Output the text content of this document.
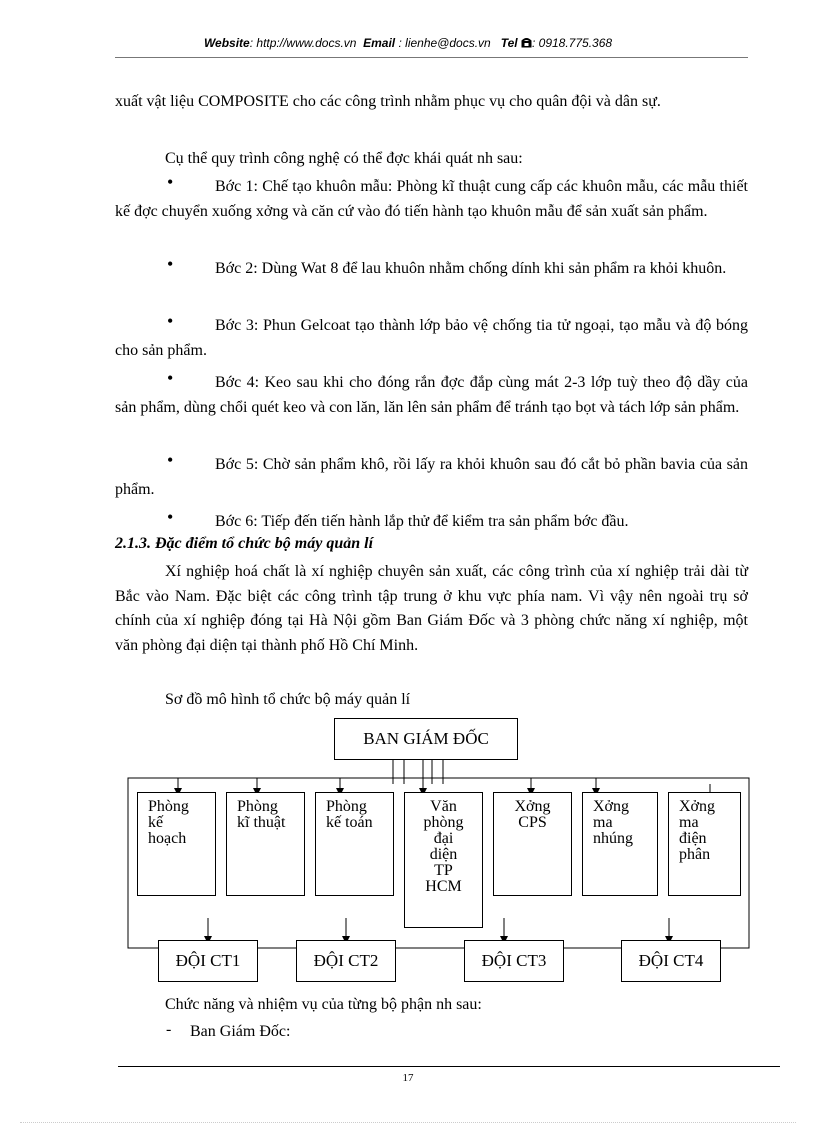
Website: http://www.docs.vn Email : lienhe@docs.vn Tel : 0918.775.368
xuất vật liệu COMPOSITE cho các công trình nhằm phục vụ cho quân đội và dân sự.
Cụ thể quy trình công nghệ có thể đợc khái quát nh sau:
•	Bớc 1: Chế tạo khuôn mẫu: Phòng kĩ thuật cung cấp các khuôn mẫu, các mẫu thiết kế đợc chuyển xuống xởng và căn cứ vào đó tiến hành tạo khuôn mẫu để sản xuất sản phẩm.
•	Bớc 2: Dùng Wat 8 để lau khuôn nhằm chống dính khi sản phẩm ra khỏi khuôn.
•	Bớc 3: Phun Gelcoat tạo thành lớp bảo vệ chống tia tử ngoại, tạo mẫu và độ bóng cho sản phẩm.
•	Bớc 4: Keo sau khi cho đóng rắn đợc đắp cùng mát 2-3 lớp tuỳ theo độ dầy của sản phẩm, dùng chổi quét keo và con lăn, lăn lên sản phẩm để tránh tạo bọt và tách lớp sản phẩm.
•	Bớc 5: Chờ sản phẩm khô, rồi lấy ra khỏi khuôn sau đó cắt bỏ phần bavia của sản phẩm.
•	Bớc 6: Tiếp đến tiến hành lắp thử để kiểm tra sản phẩm bớc đầu.
2.1.3. Đặc điểm tổ chức bộ máy quản lí
Xí nghiệp hoá chất là xí nghiệp chuyên sản xuất, các công trình của xí nghiệp trải dài từ Bắc vào Nam. Đặc biệt các công trình tập trung ở khu vực phía nam. Vì vậy nên ngoài trụ sở chính của xí nghiệp đóng tại Hà Nội gồm Ban Giám Đốc và 3 phòng chức năng xí nghiệp, một văn phòng đại diện tại thành phố Hồ Chí Minh.
Sơ đồ mô hình tổ chức bộ máy quản lí
BAN GIÁM ĐỐC
Phòng
kế
hoạch
Phòng
kĩ thuật
Phòng
kế toán
Văn
phòng
đại
diện
TP
HCM
Xởng
CPS
Xởng
ma
nhúng
Xởng
ma
điện
phân
ĐỘI CT1	ĐỘI CT2	ĐỘI CT3	ĐỘI CT4
Chức năng và nhiệm vụ của từng bộ phận nh sau:
- Ban Giám Đốc:
17
